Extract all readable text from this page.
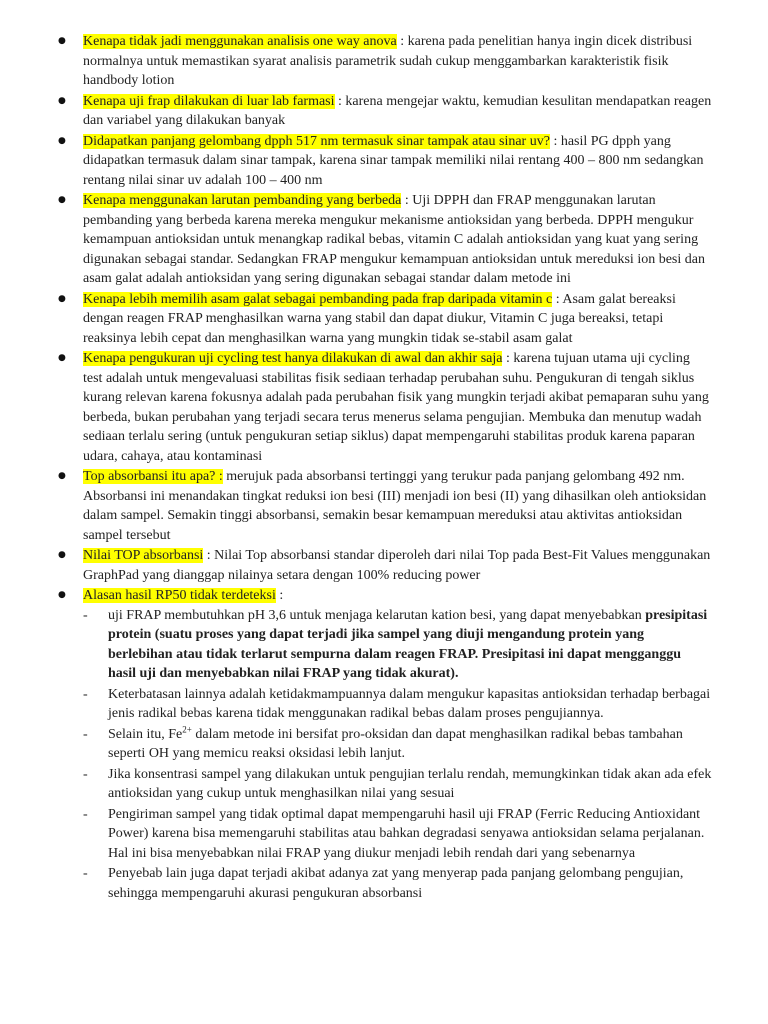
● Kenapa tidak jadi menggunakan analisis one way anova : karena pada penelitian hanya ingin dicek distribusi normalnya untuk memastikan syarat analisis parametrik sudah cukup menggambarkan karakteristik fisik handbody lotion
● Kenapa uji frap dilakukan di luar lab farmasi : karena mengejar waktu, kemudian kesulitan mendapatkan reagen dan variabel yang dilakukan banyak
● Didapatkan panjang gelombang dpph 517 nm termasuk sinar tampak atau sinar uv? : hasil PG dpph yang didapatkan termasuk dalam sinar tampak, karena sinar tampak memiliki nilai rentang 400 – 800 nm sedangkan rentang nilai sinar uv adalah 100 – 400 nm
● Kenapa menggunakan larutan pembanding yang berbeda : Uji DPPH dan FRAP menggunakan larutan pembanding yang berbeda karena mereka mengukur mekanisme antioksidan yang berbeda. DPPH mengukur kemampuan antioksidan untuk menangkap radikal bebas, vitamin C adalah antioksidan yang kuat yang sering digunakan sebagai standar. Sedangkan FRAP mengukur kemampuan antioksidan untuk mereduksi ion besi dan asam galat adalah antioksidan yang sering digunakan sebagai standar dalam metode ini
● Kenapa lebih memilih asam galat sebagai pembanding pada frap daripada vitamin c : Asam galat bereaksi dengan reagen FRAP menghasilkan warna yang stabil dan dapat diukur, Vitamin C juga bereaksi, tetapi reaksinya lebih cepat dan menghasilkan warna yang mungkin tidak se-stabil asam galat
● Kenapa pengukuran uji cycling test hanya dilakukan di awal dan akhir saja : karena tujuan utama uji cycling test adalah untuk mengevaluasi stabilitas fisik sediaan terhadap perubahan suhu. Pengukuran di tengah siklus kurang relevan karena fokusnya adalah pada perubahan fisik yang mungkin terjadi akibat pemaparan suhu yang berbeda, bukan perubahan yang terjadi secara terus menerus selama pengujian. Membuka dan menutup wadah sediaan terlalu sering (untuk pengukuran setiap siklus) dapat mempengaruhi stabilitas produk karena paparan udara, cahaya, atau kontaminasi
● Top absorbansi itu apa? : merujuk pada absorbansi tertinggi yang terukur pada panjang gelombang 492 nm. Absorbansi ini menandakan tingkat reduksi ion besi (III) menjadi ion besi (II) yang dihasilkan oleh antioksidan dalam sampel. Semakin tinggi absorbansi, semakin besar kemampuan mereduksi atau aktivitas antioksidan sampel tersebut
● Nilai TOP absorbansi : Nilai Top absorbansi standar diperoleh dari nilai Top pada Best-Fit Values menggunakan GraphPad yang dianggap nilainya setara dengan 100% reducing power
● Alasan hasil RP50 tidak terdeteksi :
- uji FRAP membutuhkan pH 3,6 untuk menjaga kelarutan kation besi, yang dapat menyebabkan presipitasi protein (suatu proses yang dapat terjadi jika sampel yang diuji mengandung protein yang berlebihan atau tidak terlarut sempurna dalam reagen FRAP. Presipitasi ini dapat mengganggu hasil uji dan menyebabkan nilai FRAP yang tidak akurat).
- Keterbatasan lainnya adalah ketidakmampuannya dalam mengukur kapasitas antioksidan terhadap berbagai jenis radikal bebas karena tidak menggunakan radikal bebas dalam proses pengujiannya.
- Selain itu, $Fe^{2+}$ dalam metode ini bersifat pro-oksidan dan dapat menghasilkan radikal bebas tambahan seperti OH yang memicu reaksi oksidasi lebih lanjut.
- Jika konsentrasi sampel yang dilakukan untuk pengujian terlalu rendah, memungkinkan tidak akan ada efek antioksidan yang cukup untuk menghasilkan nilai yang sesuai
- Pengiriman sampel yang tidak optimal dapat mempengaruhi hasil uji FRAP (Ferric Reducing Antioxidant Power) karena bisa memengaruhi stabilitas atau bahkan degradasi senyawa antioksidan selama perjalanan. Hal ini bisa menyebabkan nilai FRAP yang diukur menjadi lebih rendah dari yang sebenarnya
- Penyebab lain juga dapat terjadi akibat adanya zat yang menyerap pada panjang gelombang pengujian, sehingga mempengaruhi akurasi pengukuran absorbansi
